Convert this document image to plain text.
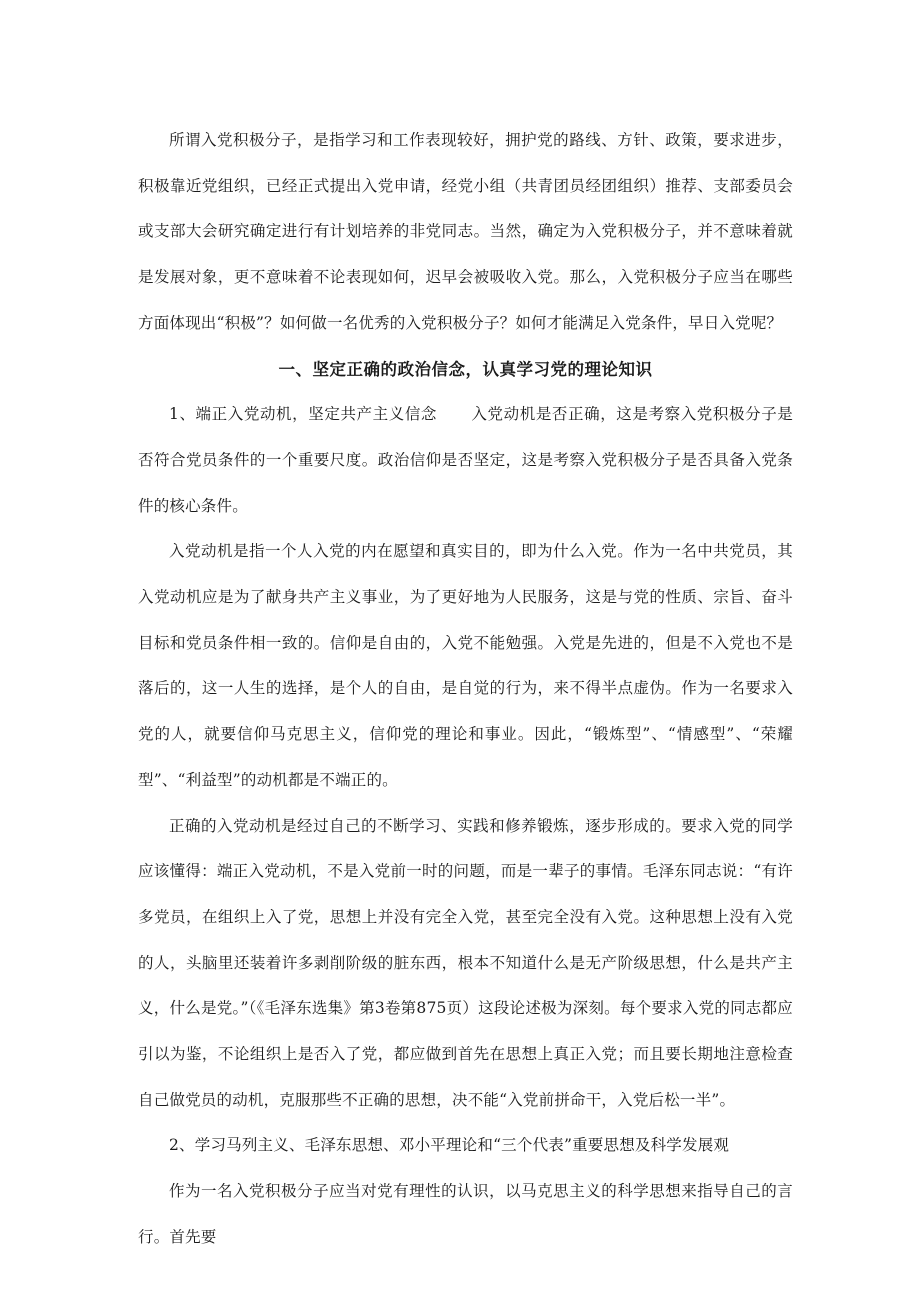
所谓入党积极分子，是指学习和工作表现较好，拥护党的路线、方针、政策，要求进步，积极靠近党组织，已经正式提出入党申请，经党小组（共青团员经团组织）推荐、支部委员会或支部大会研究确定进行有计划培养的非党同志。当然，确定为入党积极分子，并不意味着就是发展对象，更不意味着不论表现如何，迟早会被吸收入党。那么，入党积极分子应当在哪些方面体现出“积极”？如何做一名优秀的入党积极分子？如何才能满足入党条件，早日入党呢？

一、坚定正确的政治信念，认真学习党的理论知识

1、端正入党动机，坚定共产主义信念 入党动机是否正确，这是考察入党积极分子是否符合党员条件的一个重要尺度。政治信仰是否坚定，这是考察入党积极分子是否具备入党条件的核心条件。

入党动机是指一个人入党的内在愿望和真实目的，即为什么入党。作为一名中共党员，其入党动机应是为了献身共产主义事业，为了更好地为人民服务，这是与党的性质、宗旨、奋斗目标和党员条件相一致的。信仰是自由的，入党不能勉强。入党是先进的，但是不入党也不是落后的，这一人生的选择，是个人的自由，是自觉的行为，来不得半点虚伪。作为一名要求入党的人，就要信仰马克思主义，信仰党的理论和事业。因此，“锻炼型”、“情感型”、“荣耀型”、“利益型”的动机都是不端正的。

正确的入党动机是经过自己的不断学习、实践和修养锻炼，逐步形成的。要求入党的同学应该懂得：端正入党动机，不是入党前一时的问题，而是一辈子的事情。毛泽东同志说：“有许多党员，在组织上入了党，思想上并没有完全入党，甚至完全没有入党。这种思想上没有入党的人，头脑里还装着许多剥削阶级的脏东西，根本不知道什么是无产阶级思想，什么是共产主义，什么是党。”（《毛泽东选集》第3卷第875页）这段论述极为深刻。每个要求入党的同志都应引以为鉴，不论组织上是否入了党，都应做到首先在思想上真正入党；而且要长期地注意检查自己做党员的动机，克服那些不正确的思想，决不能“入党前拼命干，入党后松一半”。

2、学习马列主义、毛泽东思想、邓小平理论和“三个代表”重要思想及科学发展观

作为一名入党积极分子应当对党有理性的认识，以马克思主义的科学思想来指导自己的言行。首先要
